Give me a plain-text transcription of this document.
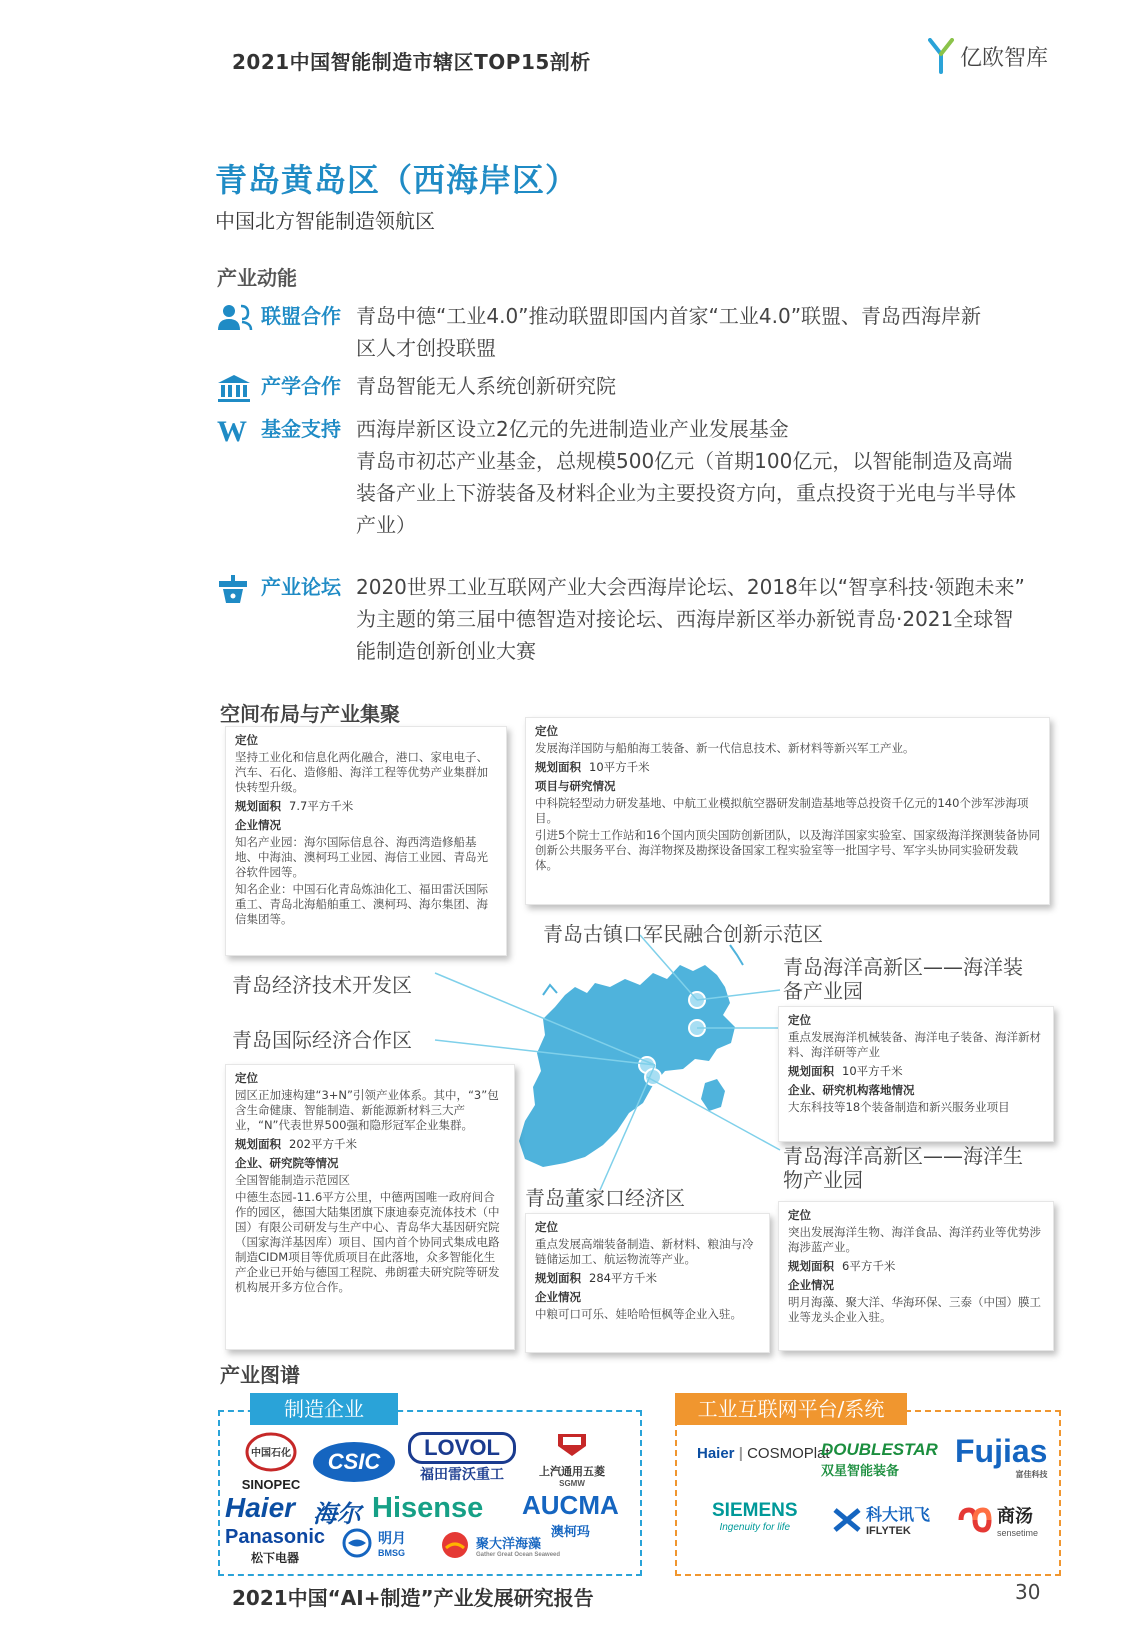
2021中国智能制造市辖区TOP15剖析	亿欧智库
青岛黄岛区（西海岸区）
中国北方智能制造领航区
产业动能
联盟合作 青岛中德“工业4.0”推动联盟即国内首家“工业4.0”联盟、青岛西海岸新

区人才创投联盟

产学合作 青岛智能无人系统创新研究院

W 基金支持 西海岸新区设立2亿元的先进制造业产业发展基金

青岛市初芯产业基金，总规模500亿元（首期100亿元，以智能制造及高端

装备产业上下游装备及材料企业为主要投资方向，重点投资于光电与半导体

产业）

产业论坛 2020世界工业互联网产业大会西海岸论坛、2018年以“智享科技·领跑未来”

为主题的第三届中德智造对接论坛、西海岸新区举办新锐青岛·2021全球智

能制造创新创业大赛

空间布局与产业集聚
定位

坚持工业化和信息化两化融合，港口、家电电子、汽车、石化、造修船、海洋工程等优势产业集群加快转型升级。

规划面积 7.7平方千米
企业情况

知名产业园：海尔国际信息谷、海西湾造修船基地、中海油、澳柯玛工业园、海信工业园、青岛光谷软件园等。

知名企业：中国石化青岛炼油化工、福田雷沃国际重工、青岛北海船舶重工、澳柯玛、海尔集团、海信集团等。

定位

发展海洋国防与船舶海工装备、新一代信息技术、新材料等新兴军工产业。

规划面积 10平方千米
项目与研究情况

中科院轻型动力研发基地、中航工业模拟航空器研发制造基地等总投资千亿元的140个涉军涉海项目。

引进5个院士工作站和16个国内顶尖国防创新团队，以及海洋国家实验室、国家级海洋探测装备协同创新公共服务平台、海洋物探及勘探设备国家工程实验室等一批国字号、军字头协同实验研发载体。

青岛古镇口军民融合创新示范区
青岛经济技术开发区
青岛国际经济合作区
青岛海洋高新区——海洋装
备产业园
青岛海洋高新区——海洋生
物产业园
青岛董家口经济区
定位

重点发展海洋机械装备、海洋电子装备、海洋新材料、海洋研等产业

规划面积 10平方千米
企业、研究机构落地情况

大东科技等18个装备制造和新兴服务业项目

定位

园区正加速构建“3+N”引领产业体系。其中，“3”包含生命健康、智能制造、新能源新材料三大产业，“N”代表世界500强和隐形冠军企业集群。

规划面积 202平方千米
企业、研究院等情况

全国智能制造示范园区

中德生态园-11.6平方公里，中德两国唯一政府间合作的园区，德国大陆集团旗下康迪泰克流体技术（中国）有限公司研发与生产中心、青岛华大基因研究院（国家海洋基因库）项目、国内首个协同式集成电路制造CIDM项目等优质项目在此落地，众多智能化生产企业已开始与德国工程院、弗朗霍夫研究院等研发机构展开多方位合作。

定位

重点发展高端装备制造、新材料、粮油与冷链储运加工、航运物流等产业。

规划面积 284平方千米
企业情况

中粮可口可乐、娃哈哈恒枫等企业入驻。

定位

突出发展海洋生物、海洋食品、海洋药业等优势涉海涉蓝产业。

规划面积 6平方千米
企业情况

明月海藻、聚大洋、华海环保、三泰（中国）膜工业等龙头企业入驻。

产业图谱
制造企业	工业互联网平台/系统
中国石化
SINOPEC
CSIC
LOVOL
福田雷沃重工	上汽通用五菱
SGMW
Haier 海尔 Hisense AUCMA
澳柯玛
Panasonic
松下电器
明月
BMSG
聚大洋海藻
Gather Great Ocean Seaweed
Haier | COSMOPlat
DOUBLESTAR
双星智能装备
Fujias
富佳科技
SIEMENS
Ingenuity for life
科大讯飞
IFLYTEK
商汤
sensetime
2021中国“AI+制造”产业发展研究报告	30
